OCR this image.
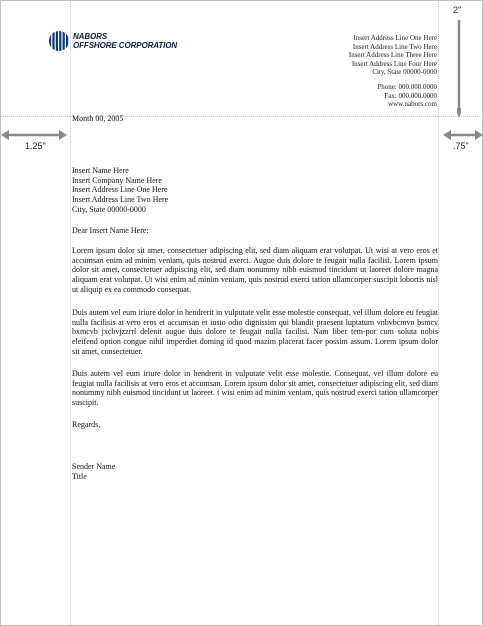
NABORS
OFFSHORE CORPORATION
Insert Address Line One Here
Insert Address Line Two Here
Insert Address Line Three Here
Insert Address Line Four Here
City, State 00000-0000
Phone: 000.000.0000
Fax: 000.000.0000
www.nabors.com
2"
1.25"	.75"
Month 00, 2005
Insert Name Here
Insert Company Name Here
Insert Address Line One Here
Insert Address Line Two Here
City, State 00000-0000
Dear Insert Name Here:
Lorem ipsum dolor sit amet, consectetuer adipiscing elit, sed diam aliquam erat volutpat. Ut wisi at vero eros et accumsan enim ad minim veniam, quis nostrud exerci. Augue duis dolore te feugait nulla facilisi. Lorem ipsum dolor sit amet, consectetuer adipiscing elit, sed diam nonummy nibh euismod tincidunt ut laoreet dolore magna aliquam erat volutpat. Ut wisi enim ad minim veniam, quis nostrud exerci tation ullamcorper suscipit lobortis nisl ut aliquip ex ea commodo consequat.
Duis autem vel eum iriure dolor in hendrerit in vulputate velit esse molestie consequat, vel illum dolore eu feugiat nulla facilisis at vero eros et accumsan et iusto odio dignissim qui blandit praesent luptatum vnbvbcmvn bsmcv bxmcvb jxcbvjzzrrl delenit augue duis dolore te feugait nulla facilisi. Nam liber tem-por cum soluta nobis eleifend option congue nihil imperdiet doming id quod mazim placerat facer possim assum. Lorem ipsum dolor sit amet, consectetuer.
Duis autem vel eum iriure dolor in hendrerit in vulputate velit esse molestie. Consequat, vel illum dolore eu feugiat nulla facilisis at vero eros et accumsan. Lorem ipsum dolor sit amet, consectetuer adipiscing elit, sed diam nonummy nibh euismod tincidunt ut laoreet. t wisi enim ad minim veniam, quis nostrud exerci tation ullamcorper suscipit.
Regards,
Sender Name
Title
